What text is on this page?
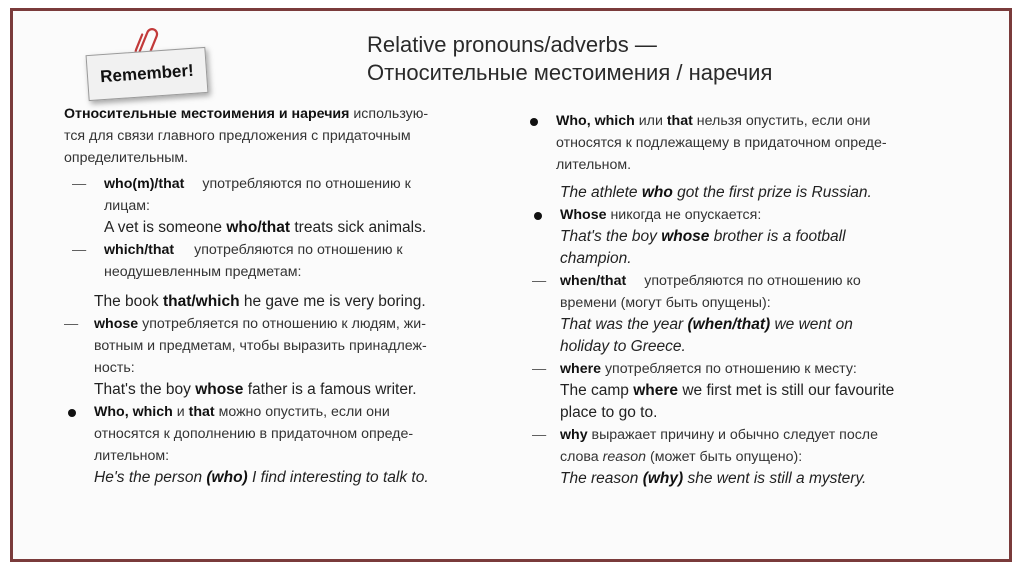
Remember!
Relative pronouns/adverbs —
Относительные местоимения / наречия

Относительные местоимения и наречия использую-

тся для связи главного предложения с придаточным

определительным.

—	who(m)/that употребляются по отношению к

лицам:

A vet is someone who/that treats sick animals.

—	which/that употребляются по отношению к

неодушевленным предметам:

The book that/which he gave me is very boring.

—	whose употребляется по отношению к людям, жи-

вотным и предметам, чтобы выразить принадлеж-

ность:

That's the boy whose father is a famous writer.

Who, which и that можно опустить, если они

относятся к дополнению в придаточном опреде-

лительном:

He's the person (who) I find interesting to talk to.

Who, which или that нельзя опустить, если они

относятся к подлежащему в придаточном опреде-

лительном.

The athlete who got the first prize is Russian.

Whose никогда не опускается:

That's the boy whose brother is a football

champion.

— when/that употребляются по отношению ко

времени (могут быть опущены):

That was the year (when/that) we went on

holiday to Greece.

— where употребляется по отношению к месту:

The camp where we first met is still our favourite

place to go to.

— why выражает причину и обычно следует после

слова reason (может быть опущено):

The reason (why) she went is still a mystery.
